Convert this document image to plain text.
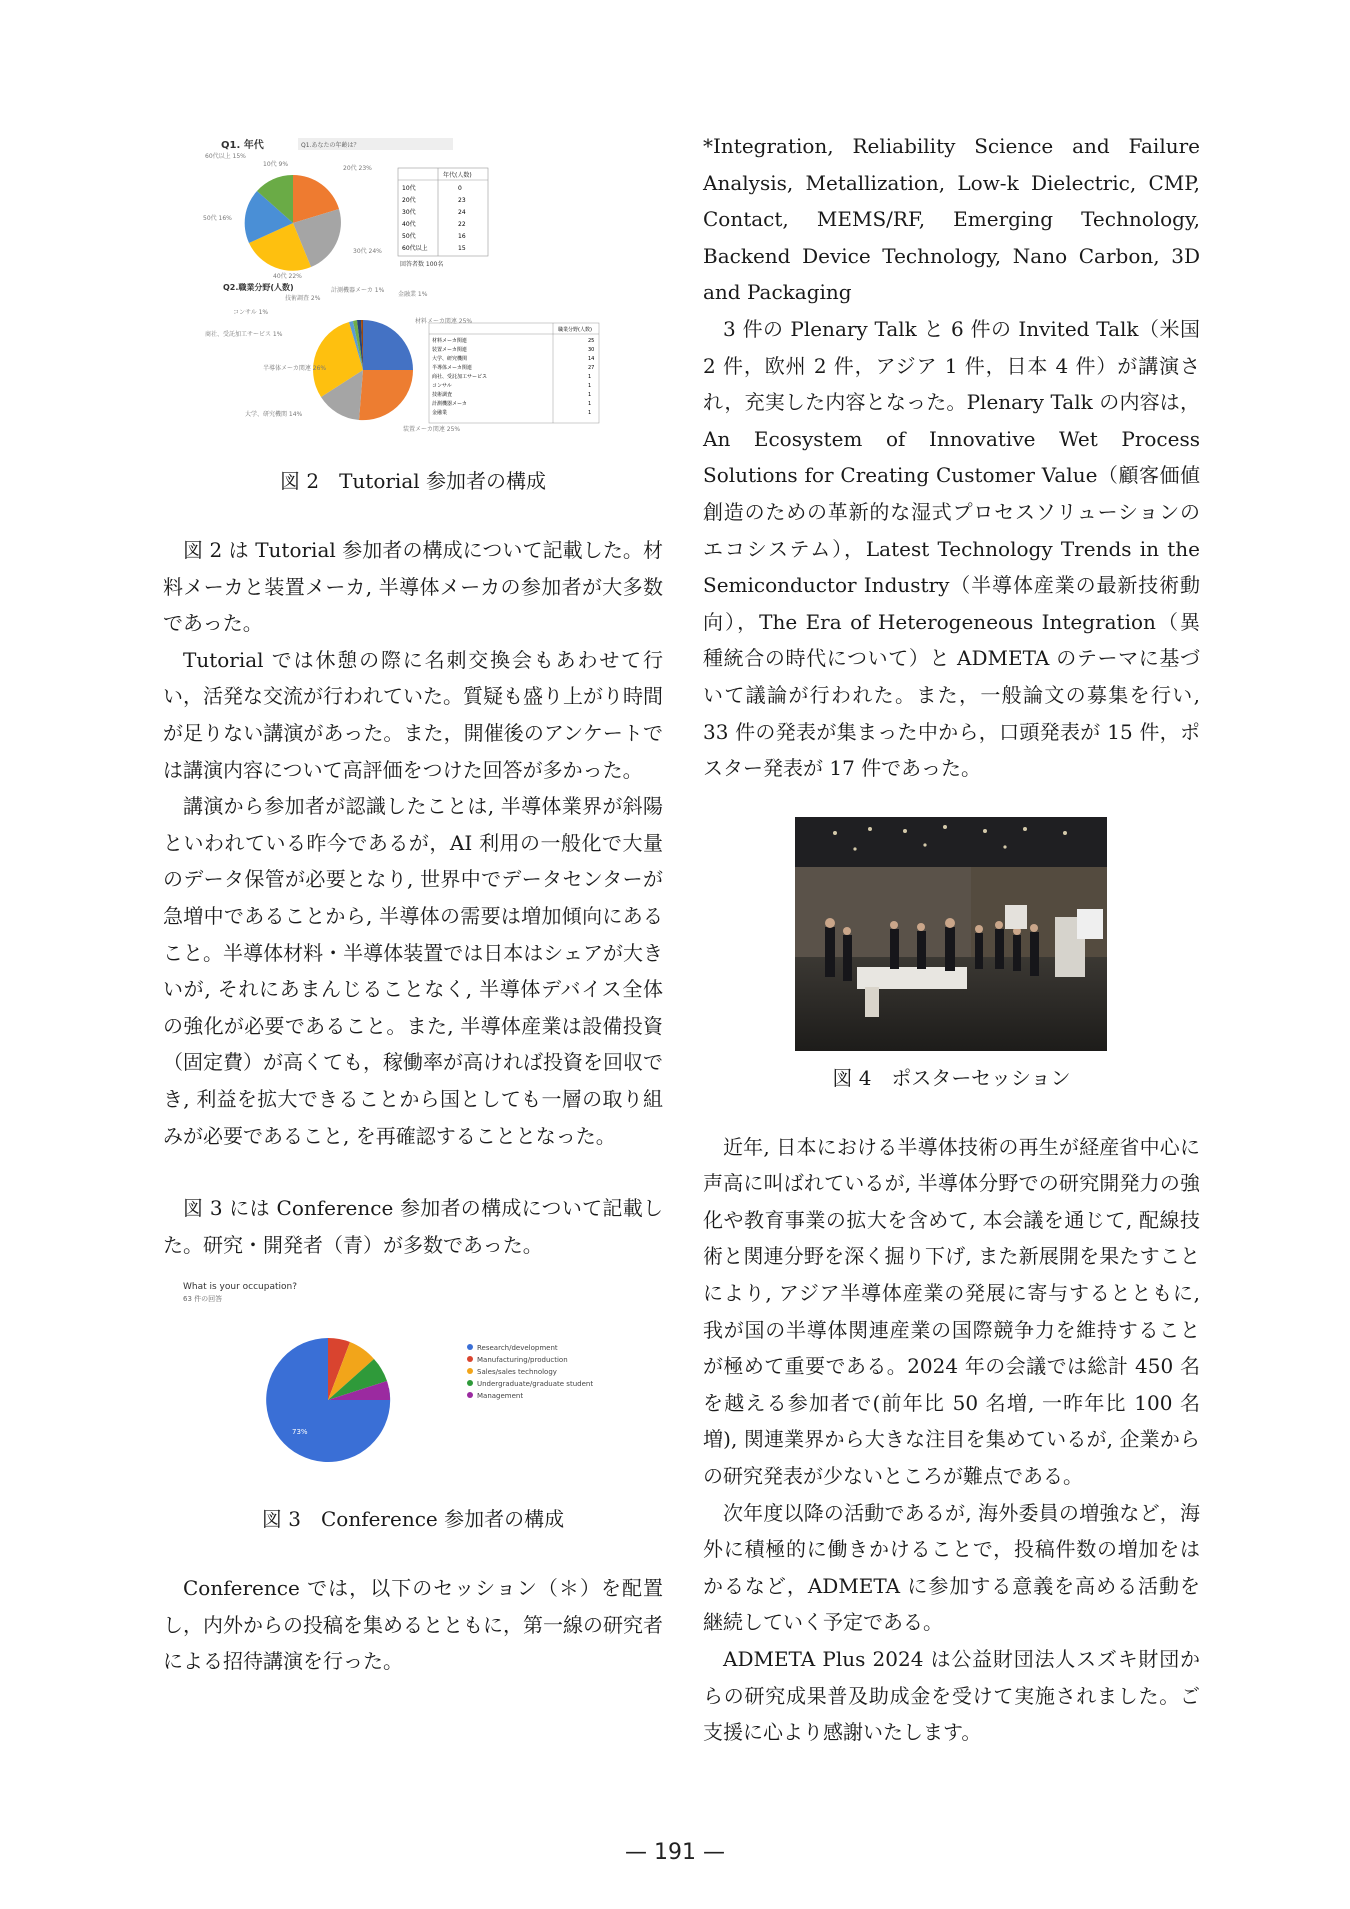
Q1. 年代	Q1.あなたの年齢は？
10代 9%
20代 23%
30代 24%
40代 22%
50代 16%
60代以上 15%
年代(人数)
10代	0
20代	23
30代	24
40代	22
50代	16
60代以上	15
回答者数 100名
Q2.職業分野(人数)
材料メーカ関連 25%
装置メーカ関連 25%
半導体メーカ関連 26%
大学、研究機関 14%
商社、受託加工サービス 1%
コンサル 1%
技術調査 2%
計測機器メーカ 1%
金融業 1%
職業分野(人数)
材料メーカ関連	25
装置メーカ関連	30
大学、研究機関	14
半導体メーカ関連	27
商社、受託加工サービス	1
コンサル	1
技術調査	1
計測機器メーカ	1
金融業	1
図 2　Tutorial 参加者の構成

図 2 は Tutorial 参加者の構成について記載した。材料メーカと装置メーカ, 半導体メーカの参加者が大多数であった。

Tutorial では休憩の際に名刺交換会もあわせて行い，活発な交流が行われていた。質疑も盛り上がり時間が足りない講演があった。また，開催後のアンケートでは講演内容について高評価をつけた回答が多かった。

講演から参加者が認識したことは, 半導体業界が斜陽といわれている昨今であるが，AI 利用の一般化で大量のデータ保管が必要となり, 世界中でデータセンターが急増中であることから, 半導体の需要は増加傾向にあること。半導体材料・半導体装置では日本はシェアが大きいが, それにあまんじることなく, 半導体デバイス全体の強化が必要であること。また, 半導体産業は設備投資（固定費）が高くても，稼働率が高ければ投資を回収でき, 利益を拡大できることから国としても一層の取り組みが必要であること, を再確認することとなった。

図 3 には Conference 参加者の構成について記載した。研究・開発者（青）が多数であった。

What is your occupation?
63 件の回答
73%
Research/development
Manufacturing/production
Sales/sales technology
Undergraduate/graduate student
Management
図 3　Conference 参加者の構成

Conference では，以下のセッション（＊）を配置し，内外からの投稿を集めるとともに，第一線の研究者による招待講演を行った。

*Integration, Reliability Science and Failure Analysis, Metallization, Low-k Dielectric, CMP, Contact, MEMS/RF, Emerging Technology, Backend Device Technology, Nano Carbon, 3D and Packaging

3 件の Plenary Talk と 6 件の Invited Talk（米国 2 件，欧州 2 件，アジア 1 件，日本 4 件）が講演され，充実した内容となった。Plenary Talk の内容は，An Ecosystem of Innovative Wet Process Solutions for Creating Customer Value（顧客価値創造のための革新的な湿式プロセスソリューションのエコシステム），Latest Technology Trends in the Semiconductor Industry（半導体産業の最新技術動向），The Era of Heterogeneous Integration（異種統合の時代について）と ADMETA のテーマに基づいて議論が行われた。また，一般論文の募集を行い, 33 件の発表が集まった中から，口頭発表が 15 件，ポスター発表が 17 件であった。

図 4　ポスターセッション

近年, 日本における半導体技術の再生が経産省中心に声高に叫ばれているが, 半導体分野での研究開発力の強化や教育事業の拡大を含めて, 本会議を通じて, 配線技術と関連分野を深く掘り下げ, また新展開を果たすことにより, アジア半導体産業の発展に寄与するとともに, 我が国の半導体関連産業の国際競争力を維持することが極めて重要である。2024 年の会議では総計 450 名を越える参加者で(前年比 50 名増, 一昨年比 100 名増), 関連業界から大きな注目を集めているが, 企業からの研究発表が少ないところが難点である。

次年度以降の活動であるが, 海外委員の増強など，海外に積極的に働きかけることで，投稿件数の増加をはかるなど，ADMETA に参加する意義を高める活動を継続していく予定である。

ADMETA Plus 2024 は公益財団法人スズキ財団からの研究成果普及助成金を受けて実施されました。ご支援に心より感謝いたします。

— 191 —
